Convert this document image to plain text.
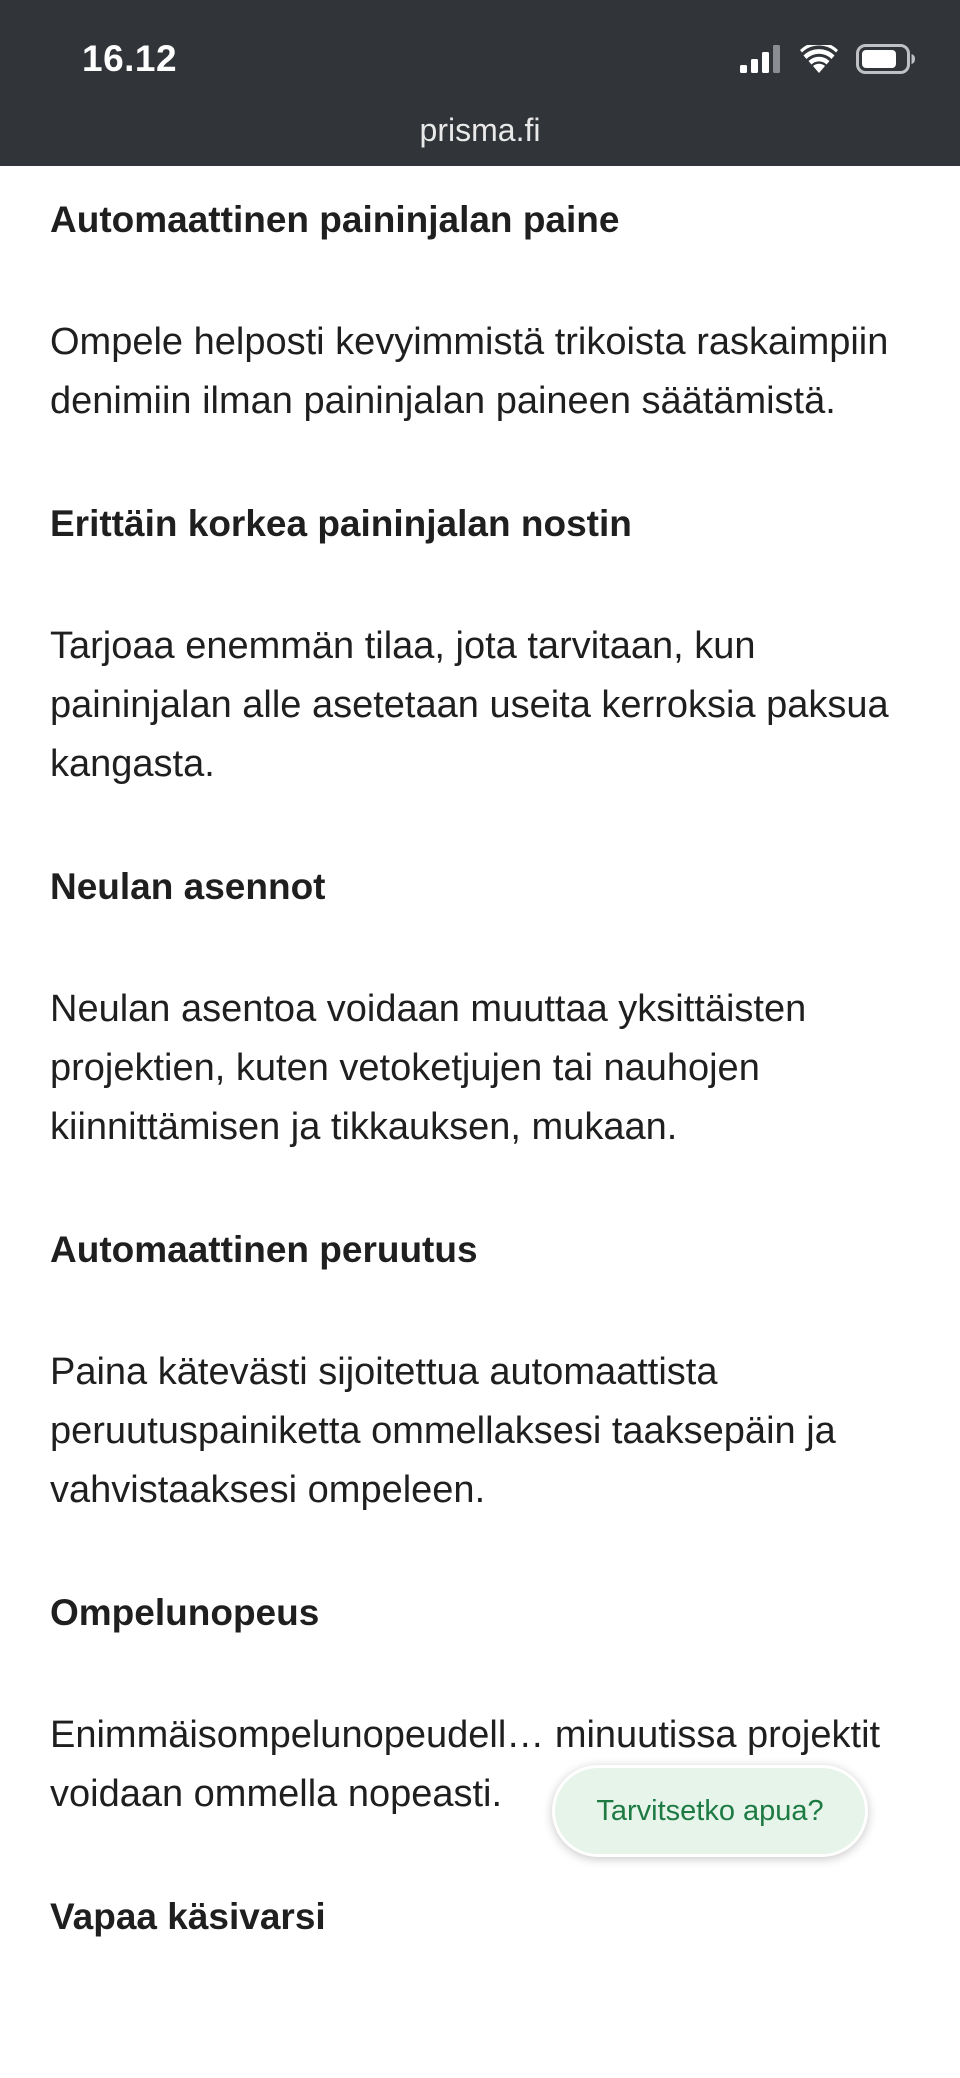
16.12
prisma.fi
Automaattinen paininjalan paine
Ompele helposti kevyimmistä trikoista raskaimpiin denimiin ilman paininjalan paineen säätämistä.
Erittäin korkea paininjalan nostin
Tarjoaa enemmän tilaa, jota tarvitaan, kun paininjalan alle asetetaan useita kerroksia paksua kangasta.
Neulan asennot
Neulan asentoa voidaan muuttaa yksittäisten projektien, kuten vetoketjujen tai nauhojen kiinnittämisen ja tikkauksen, mukaan.
Automaattinen peruutus
Paina kätevästi sijoitettua automaattista peruutuspainiketta ommellaksesi taaksepäin ja vahvistaaksesi ompeleen.
Ompelunopeus
Enimmäisompelunopeudell… minuutissa projektit voidaan ommella nopeasti.
Vapaa käsivarsi
Tarvitsetko apua?
